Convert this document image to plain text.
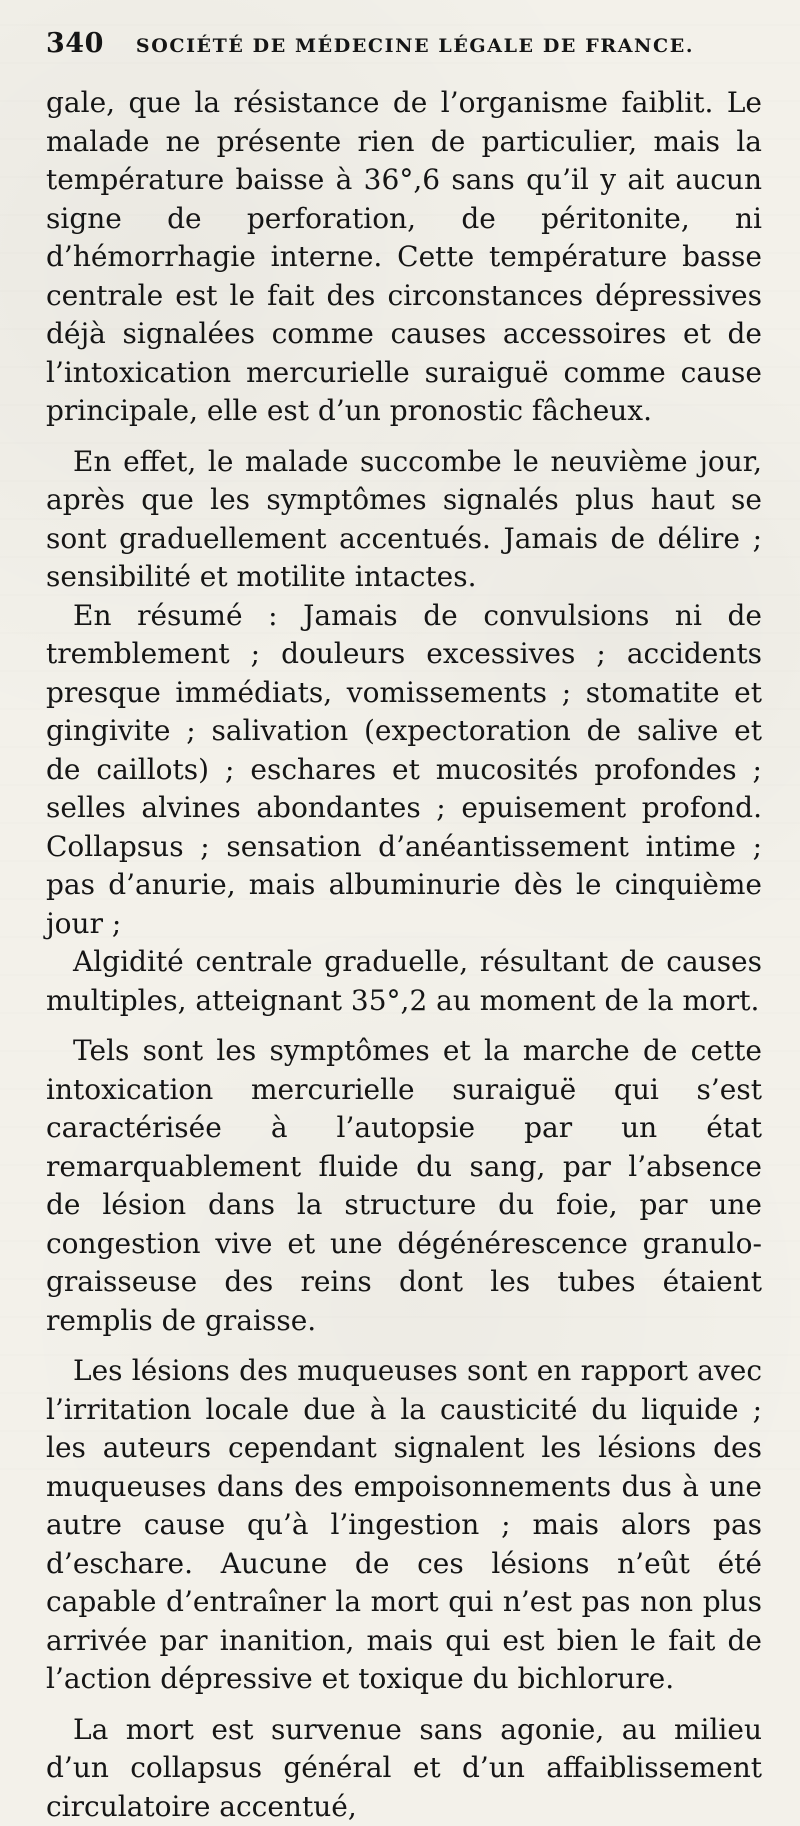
340 SOCIÉTÉ DE MÉDECINE LÉGALE DE FRANCE.

gale, que la résistance de l’organisme faiblit. Le malade ne présente rien de particulier, mais la température baisse à 36°,6 sans qu’il y ait aucun signe de perforation, de péritonite, ni d’hémorrhagie interne. Cette température basse centrale est le fait des circonstances dépressives déjà signalées comme causes accessoires et de l’intoxication mercurielle suraiguë comme cause principale, elle est d’un pronostic fâcheux.

En effet, le malade succombe le neuvième jour, après que les symptômes signalés plus haut se sont graduellement accentués. Jamais de délire ; sensibilité et motilite intactes.

En résumé : Jamais de convulsions ni de tremblement ; douleurs excessives ; accidents presque immédiats, vomissements ; stomatite et gingivite ; salivation (expectoration de salive et de caillots) ; eschares et mucosités profondes ; selles alvines abondantes ; epuisement profond. Collapsus ; sensation d’anéantissement intime ; pas d’anurie, mais albuminurie dès le cinquième jour ;

Algidité centrale graduelle, résultant de causes multiples, atteignant 35°,2 au moment de la mort.

Tels sont les symptômes et la marche de cette intoxication mercurielle suraiguë qui s’est caractérisée à l’autopsie par un état remarquablement fluide du sang, par l’absence de lésion dans la structure du foie, par une congestion vive et une dégénérescence granulo-graisseuse des reins dont les tubes étaient remplis de graisse.

Les lésions des muqueuses sont en rapport avec l’irritation locale due à la causticité du liquide ; les auteurs cependant signalent les lésions des muqueuses dans des empoisonnements dus à une autre cause qu’à l’ingestion ; mais alors pas d’eschare. Aucune de ces lésions n’eût été capable d’entraîner la mort qui n’est pas non plus arrivée par inanition, mais qui est bien le fait de l’action dépressive et toxique du bichlorure.

La mort est survenue sans agonie, au milieu d’un collapsus général et d’un affaiblissement circulatoire accentué,
